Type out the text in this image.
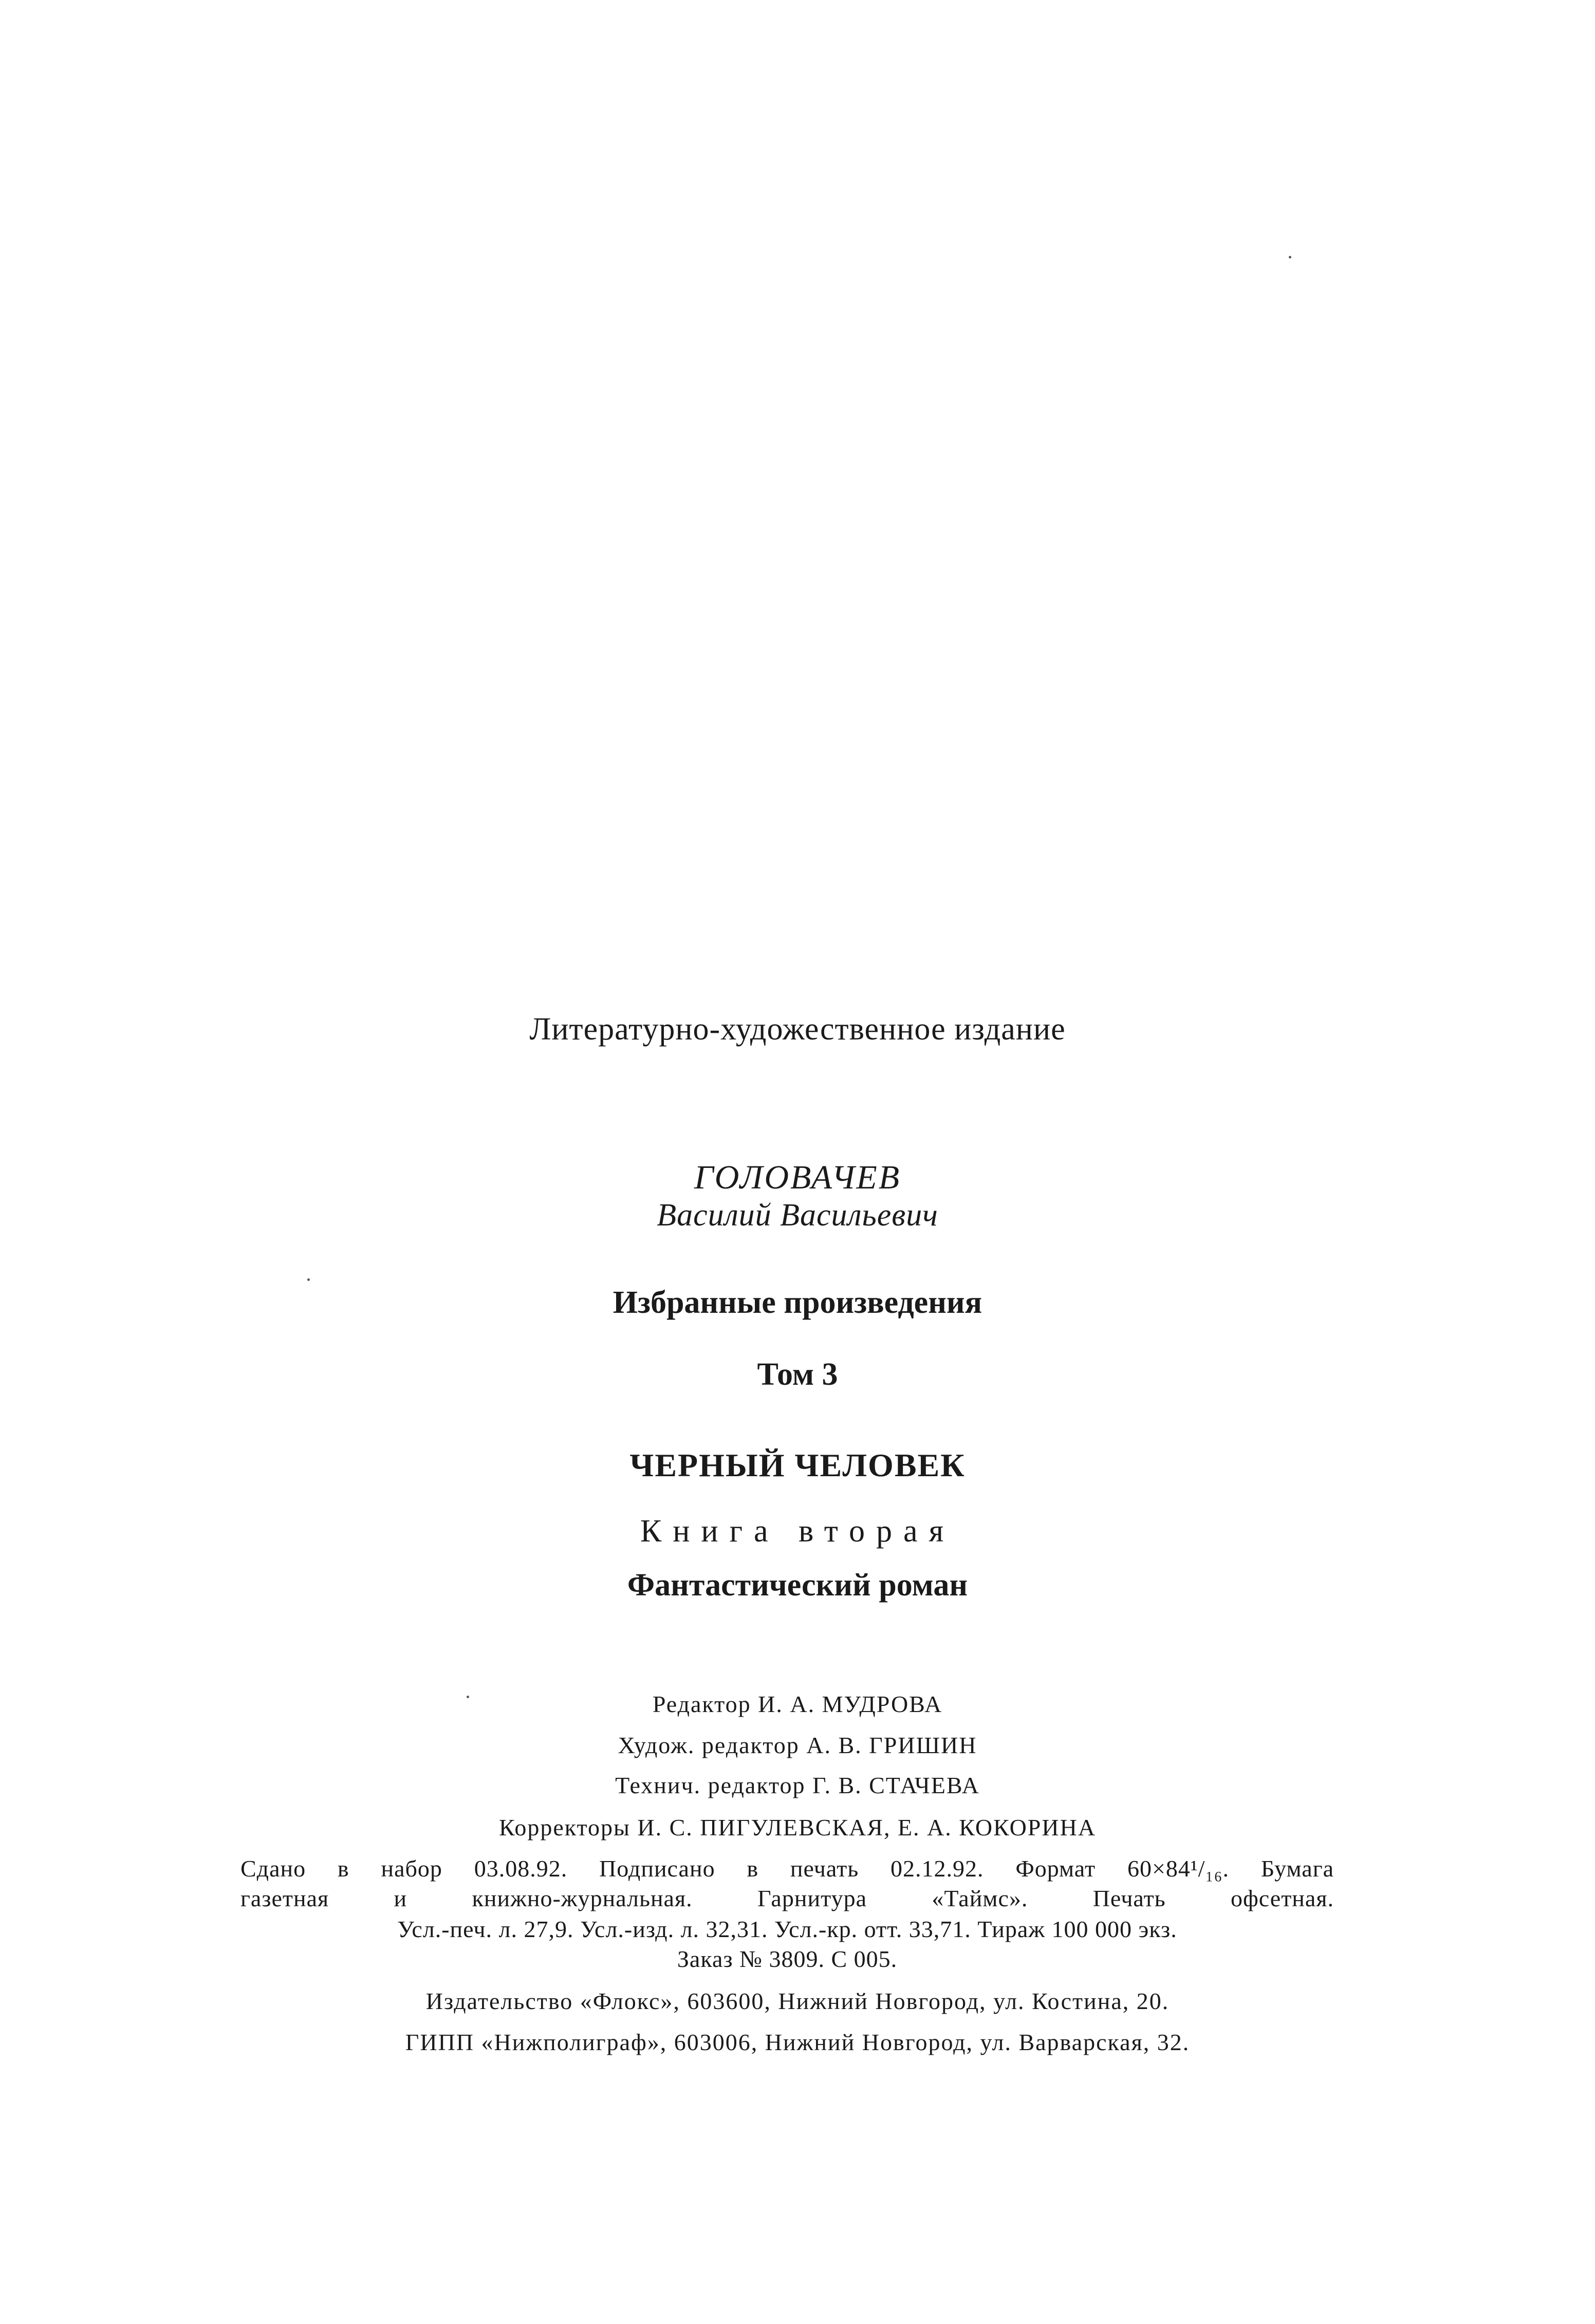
Литературно-художественное издание
ГОЛОВАЧЕВ
Василий Васильевич
Избранные произведения
Том 3
ЧЕРНЫЙ ЧЕЛОВЕК
Книга вторая
Фантастический роман
Редактор И. А. МУДРОВА
Худож. редактор А. В. ГРИШИН
Технич. редактор Г. В. СТАЧЕВА
Корректоры И. С. ПИГУЛЕВСКАЯ, Е. А. КОКОРИНА
Сдано в набор 03.08.92. Подписано в печать 02.12.92. Формат 60×84¹/₁₆. Бумага
газетная и книжно-журнальная. Гарнитура «Таймс». Печать офсетная.
Усл.-печ. л. 27,9. Усл.-изд. л. 32,31. Усл.-кр. отт. 33,71. Тираж 100 000 экз.
Заказ № 3809. С 005.
Издательство «Флокс», 603600, Нижний Новгород, ул. Костина, 20.
ГИПП «Нижполиграф», 603006, Нижний Новгород, ул. Варварская, 32.
